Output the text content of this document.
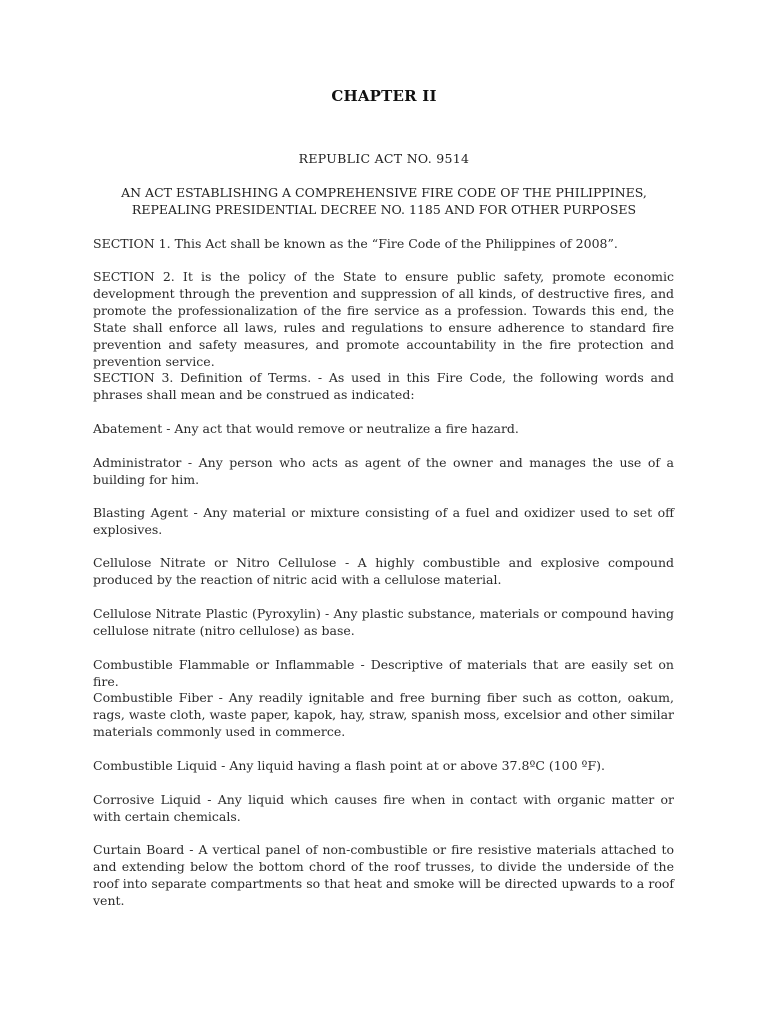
CHAPTER II
REPUBLIC ACT NO. 9514
AN ACT ESTABLISHING A COMPREHENSIVE FIRE CODE OF THE PHILIPPINES,
REPEALING PRESIDENTIAL DECREE NO. 1185 AND FOR OTHER PURPOSES

SECTION 1. This Act shall be known as the “Fire Code of the Philippines of 2008”.

SECTION 2. It is the policy of the State to ensure public safety, promote economic development through the prevention and suppression of all kinds, of destructive fires, and promote the professionalization of the fire service as a profession. Towards this end, the State shall enforce all laws, rules and regulations to ensure adherence to standard fire prevention and safety measures, and promote accountability in the fire protection and prevention service.

SECTION 3. Definition of Terms. - As used in this Fire Code, the following words and phrases shall mean and be construed as indicated:

Abatement - Any act that would remove or neutralize a fire hazard.

Administrator - Any person who acts as agent of the owner and manages the use of a building for him.

Blasting Agent - Any material or mixture consisting of a fuel and oxidizer used to set off explosives.

Cellulose Nitrate or Nitro Cellulose - A highly combustible and explosive compound produced by the reaction of nitric acid with a cellulose material.

Cellulose Nitrate Plastic (Pyroxylin) - Any plastic substance, materials or compound having cellulose nitrate (nitro cellulose) as base.

Combustible Flammable or Inflammable - Descriptive of materials that are easily set on fire.

Combustible Fiber - Any readily ignitable and free burning fiber such as cotton, oakum, rags, waste cloth, waste paper, kapok, hay, straw, spanish moss, excelsior and other similar materials commonly used in commerce.

Combustible Liquid - Any liquid having a flash point at or above 37.8ºC (100 ºF).

Corrosive Liquid - Any liquid which causes fire when in contact with organic matter or with certain chemicals.

Curtain Board - A vertical panel of non-combustible or fire resistive materials attached to and extending below the bottom chord of the roof trusses, to divide the underside of the roof into separate compartments so that heat and smoke will be directed upwards to a roof vent.
